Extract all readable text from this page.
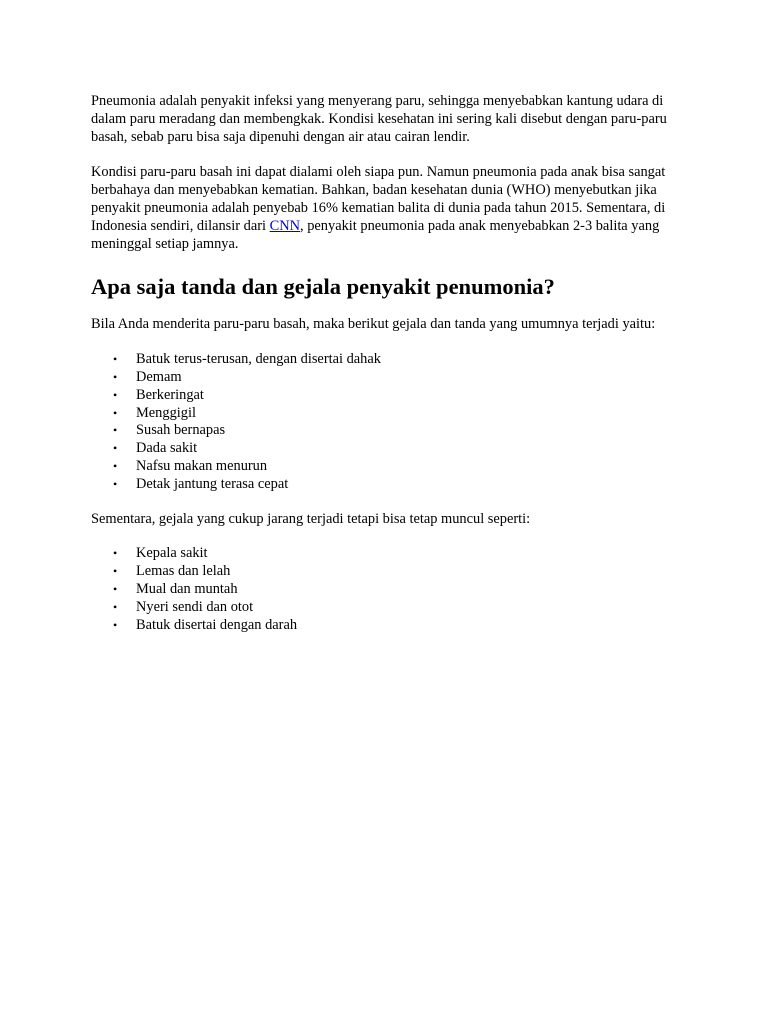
Pneumonia adalah penyakit infeksi yang menyerang paru, sehingga menyebabkan kantung udara di dalam paru meradang dan membengkak. Kondisi kesehatan ini sering kali disebut dengan paru-paru basah, sebab paru bisa saja dipenuhi dengan air atau cairan lendir.

Kondisi paru-paru basah ini dapat dialami oleh siapa pun. Namun pneumonia pada anak bisa sangat berbahaya dan menyebabkan kematian. Bahkan, badan kesehatan dunia (WHO) menyebutkan jika penyakit pneumonia adalah penyebab 16% kematian balita di dunia pada tahun 2015. Sementara, di Indonesia sendiri, dilansir dari CNN, penyakit pneumonia pada anak menyebabkan 2-3 balita yang meninggal setiap jamnya.

Apa saja tanda dan gejala penyakit penumonia?

Bila Anda menderita paru-paru basah, maka berikut gejala dan tanda yang umumnya terjadi yaitu:

• Batuk terus-terusan, dengan disertai dahak
• Demam
• Berkeringat
• Menggigil
• Susah bernapas
• Dada sakit
• Nafsu makan menurun
• Detak jantung terasa cepat

Sementara, gejala yang cukup jarang terjadi tetapi bisa tetap muncul seperti:

• Kepala sakit
• Lemas dan lelah
• Mual dan muntah
• Nyeri sendi dan otot
• Batuk disertai dengan darah
